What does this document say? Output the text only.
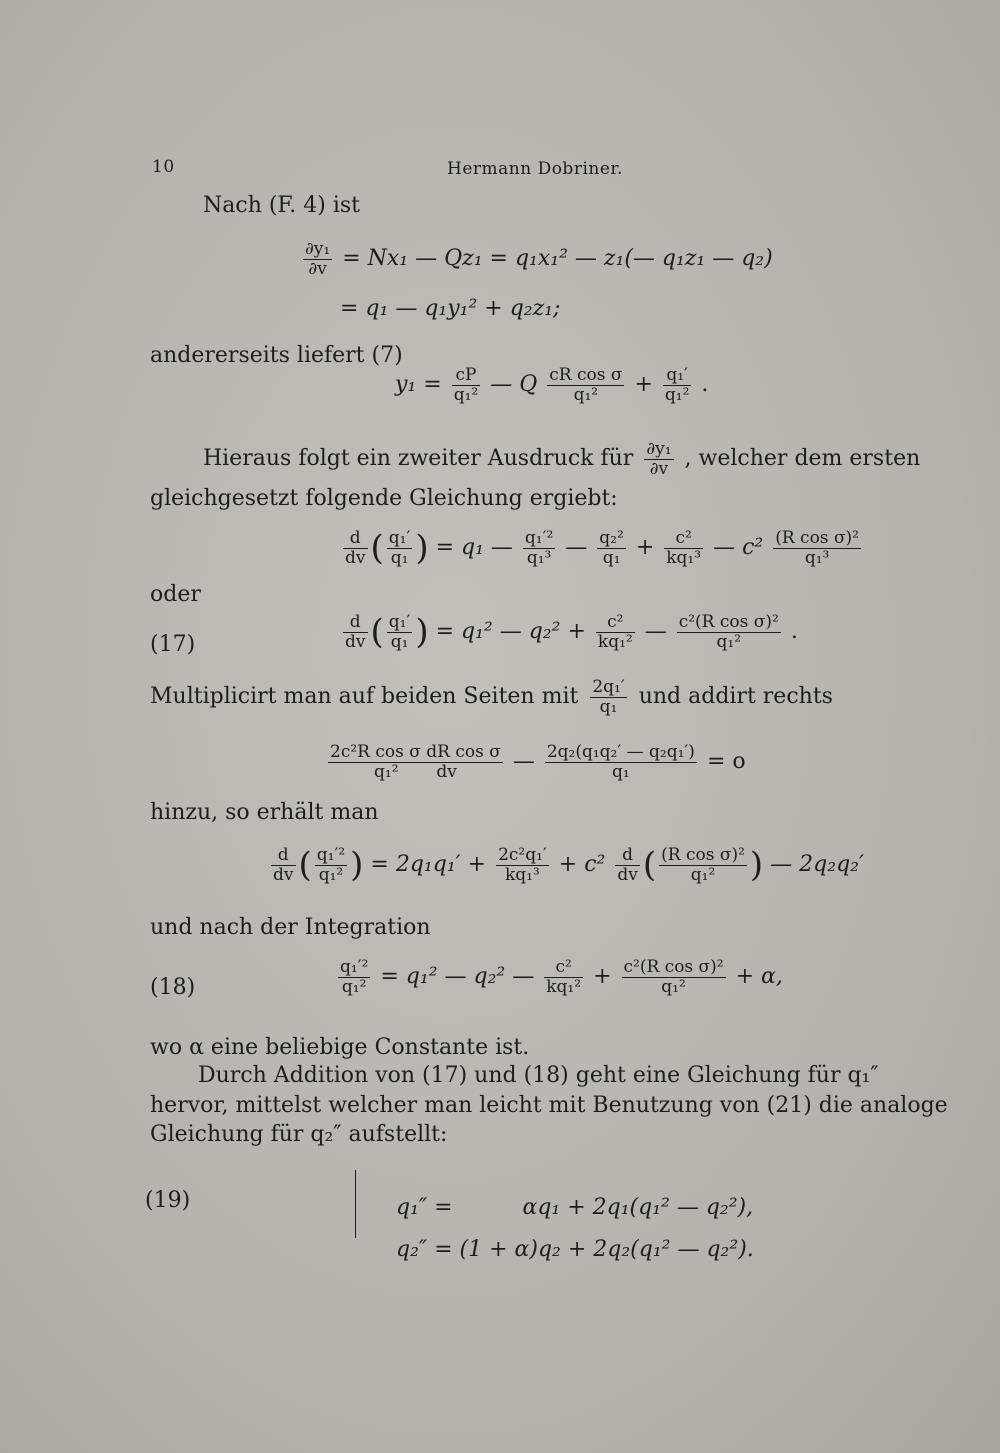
10	Hermann Dobriner.
Nach (F. 4) ist
$\frac{\text{∂y₁}}{\partial v} = Nx_1$ — Qz₁ = q₁x₁² — z₁(— q₁z₁ — q₂)
= q₁ — q₁y₁² + q₂z₁;
andererseits liefert (7)
$y_1 = \frac{cP}{\text{q₁²}}$ — Q $\frac{\text{cR cos σ}}{\text{q₁²}} + \frac{\text{q₁′}}{\text{q₁²}}$ .
Hieraus folgt ein zweiter Ausdruck für $\frac{\text{∂y₁}}{\partial v}$ , welcher dem ersten
gleichgesetzt folgende Gleichung ergiebt:
$\frac{d}{dv}$ ( $\frac{\text{q₁′}}{\text{q₁}}$ ) = q₁ — $\frac{\text{q₁′²}}{\text{q₁³}}$ — $\frac{\text{q₂²}}{\text{q₁}} + \frac{\text{c²}}{\text{kq₁³}}$ — $c^2 \frac{\text{(R cos σ)²}}{\text{q₁³}}$
oder
(17)	$\frac{d}{dv}$ ( $\frac{\text{q₁′}}{\text{q₁}}$ ) = q₁² — $q_2^2 + \frac{\text{c²}}{\text{kq₁²}}$ — $\frac{\text{c²(R cos σ)²}}{\text{q₁²}}$ .
Multiplicirt man auf beiden Seiten mit $\frac{\text{2q₁′}}{\text{q₁}}$ und addirt rechts
$\frac{\text{2c²R cos σ dR cos σ}}{\text{q₁²       dv}}$ — $\frac{\text{2q₂(q₁q₂′ — q₂q₁′)}}{\text{q₁}} = o$
hinzu, so erhält man
$\frac{d}{dv}$ ( $\frac{\text{q₁′²}}{\text{q₁²}}$ ) = $2q_1q_1' + \frac{\text{2c²q₁′}}{\text{kq₁³}} + c^2 \frac{d}{dv}$ ( $\frac{\text{(R cos σ)²}}{\text{q₁²}}$ ) — 2q₂q₂′
und nach der Integration
(18)	$\frac{\text{q₁′²}}{\text{q₁²}} = q_1^2$ — q₂² — $\frac{\text{c²}}{\text{kq₁²}} + \frac{\text{c²(R cos σ)²}}{\text{q₁²}} + \alpha$,
wo α eine beliebige Constante ist.
Durch Addition von (17) und (18) geht eine Gleichung für q₁″
hervor, mittelst welcher man leicht mit Benutzung von (21) die analoge
Gleichung für q₂″ aufstellt:
(19)	q₁″ =          αq₁ + 2q₁(q₁² — q₂²),

q₂″ = (1 + α)q₂ + 2q₂(q₁² — q₂²).
